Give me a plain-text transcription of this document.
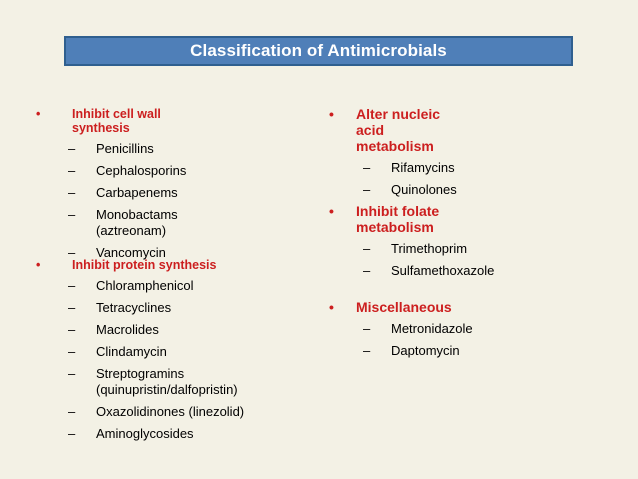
Classification of Antimicrobials
•	Inhibit cell wall synthesis
–	Penicillins
–	Cephalosporins
–	Carbapenems
–	Monobactams (aztreonam)
–	Vancomycin
•	Inhibit protein synthesis
–	Chloramphenicol
–	Tetracyclines
–	Macrolides
–	Clindamycin
–	Streptogramins (quinupristin/dalfopristin)
–	Oxazolidinones (linezolid)
–	Aminoglycosides
•	Alter nucleic acid metabolism
–	Rifamycins
–	Quinolones
•	Inhibit folate metabolism
–	Trimethoprim
–	Sulfamethoxazole
•	Miscellaneous
–	Metronidazole
–	Daptomycin
